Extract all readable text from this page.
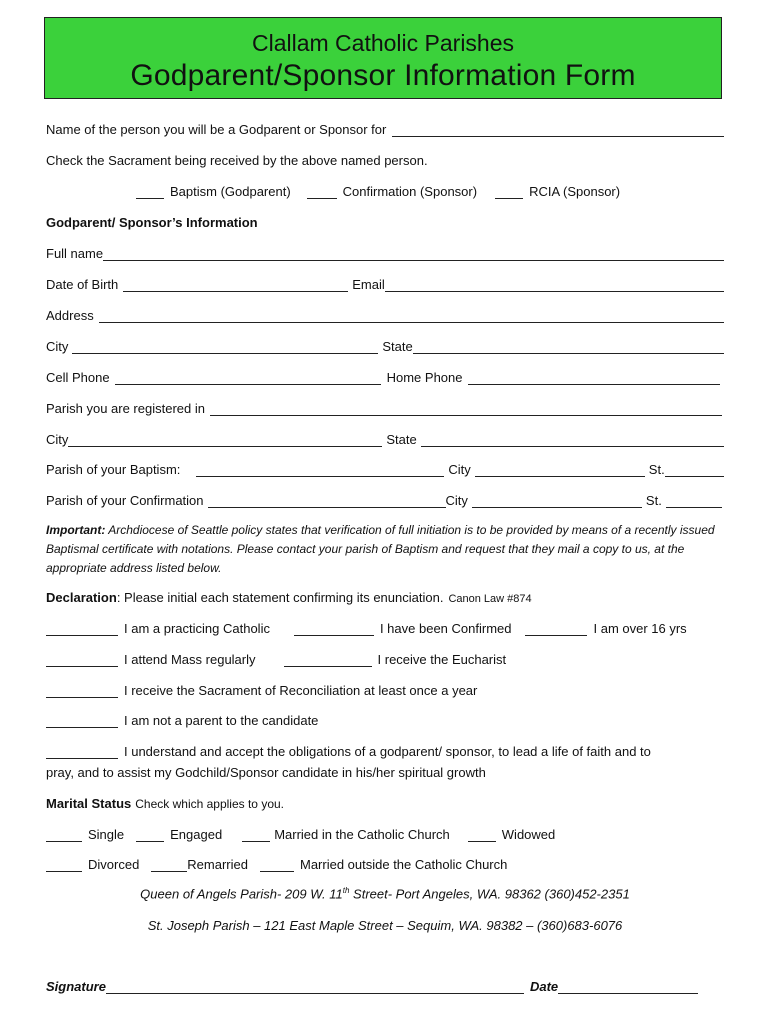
Clallam Catholic Parishes
Godparent/Sponsor Information Form
Name of the person you will be a Godparent or Sponsor for
Check the Sacrament being received by the above named person.
Baptism (Godparent)	Confirmation (Sponsor)	RCIA (Sponsor)
Godparent/ Sponsor’s Information
Full name
Date of Birth	Email
Address
City	State
Cell Phone	Home Phone
Parish you are registered in
City	State
Parish of your Baptism:	City	St.
Parish of your Confirmation	City	St.
Important: Archdiocese of Seattle policy states that verification of full initiation is to be provided by means of a recently issued Baptismal certificate with notations. Please contact your parish of Baptism and request that they mail a copy to us, at the appropriate address listed below.
Declaration : Please initial each statement confirming its enunciation. Canon Law #874
I am a practicing Catholic	I have been Confirmed	I am over 16 yrs
I attend Mass regularly	I receive the Eucharist
I receive the Sacrament of Reconciliation at least once a year
I am not a parent to the candidate
I understand and accept the obligations of a godparent/ sponsor, to lead a life of faith and to
pray, and to assist my Godchild/Sponsor candidate in his/her spiritual growth
Marital Status Check which applies to you.
Single	Engaged	Married in the Catholic Church	Widowed
Divorced	Remarried	Married outside the Catholic Church
Queen of Angels Parish- 209 W. 11th Street- Port Angeles, WA. 98362 (360)452-2351
St. Joseph Parish – 121 East Maple Street – Sequim, WA. 98382 – (360)683-6076
Signature	Date
